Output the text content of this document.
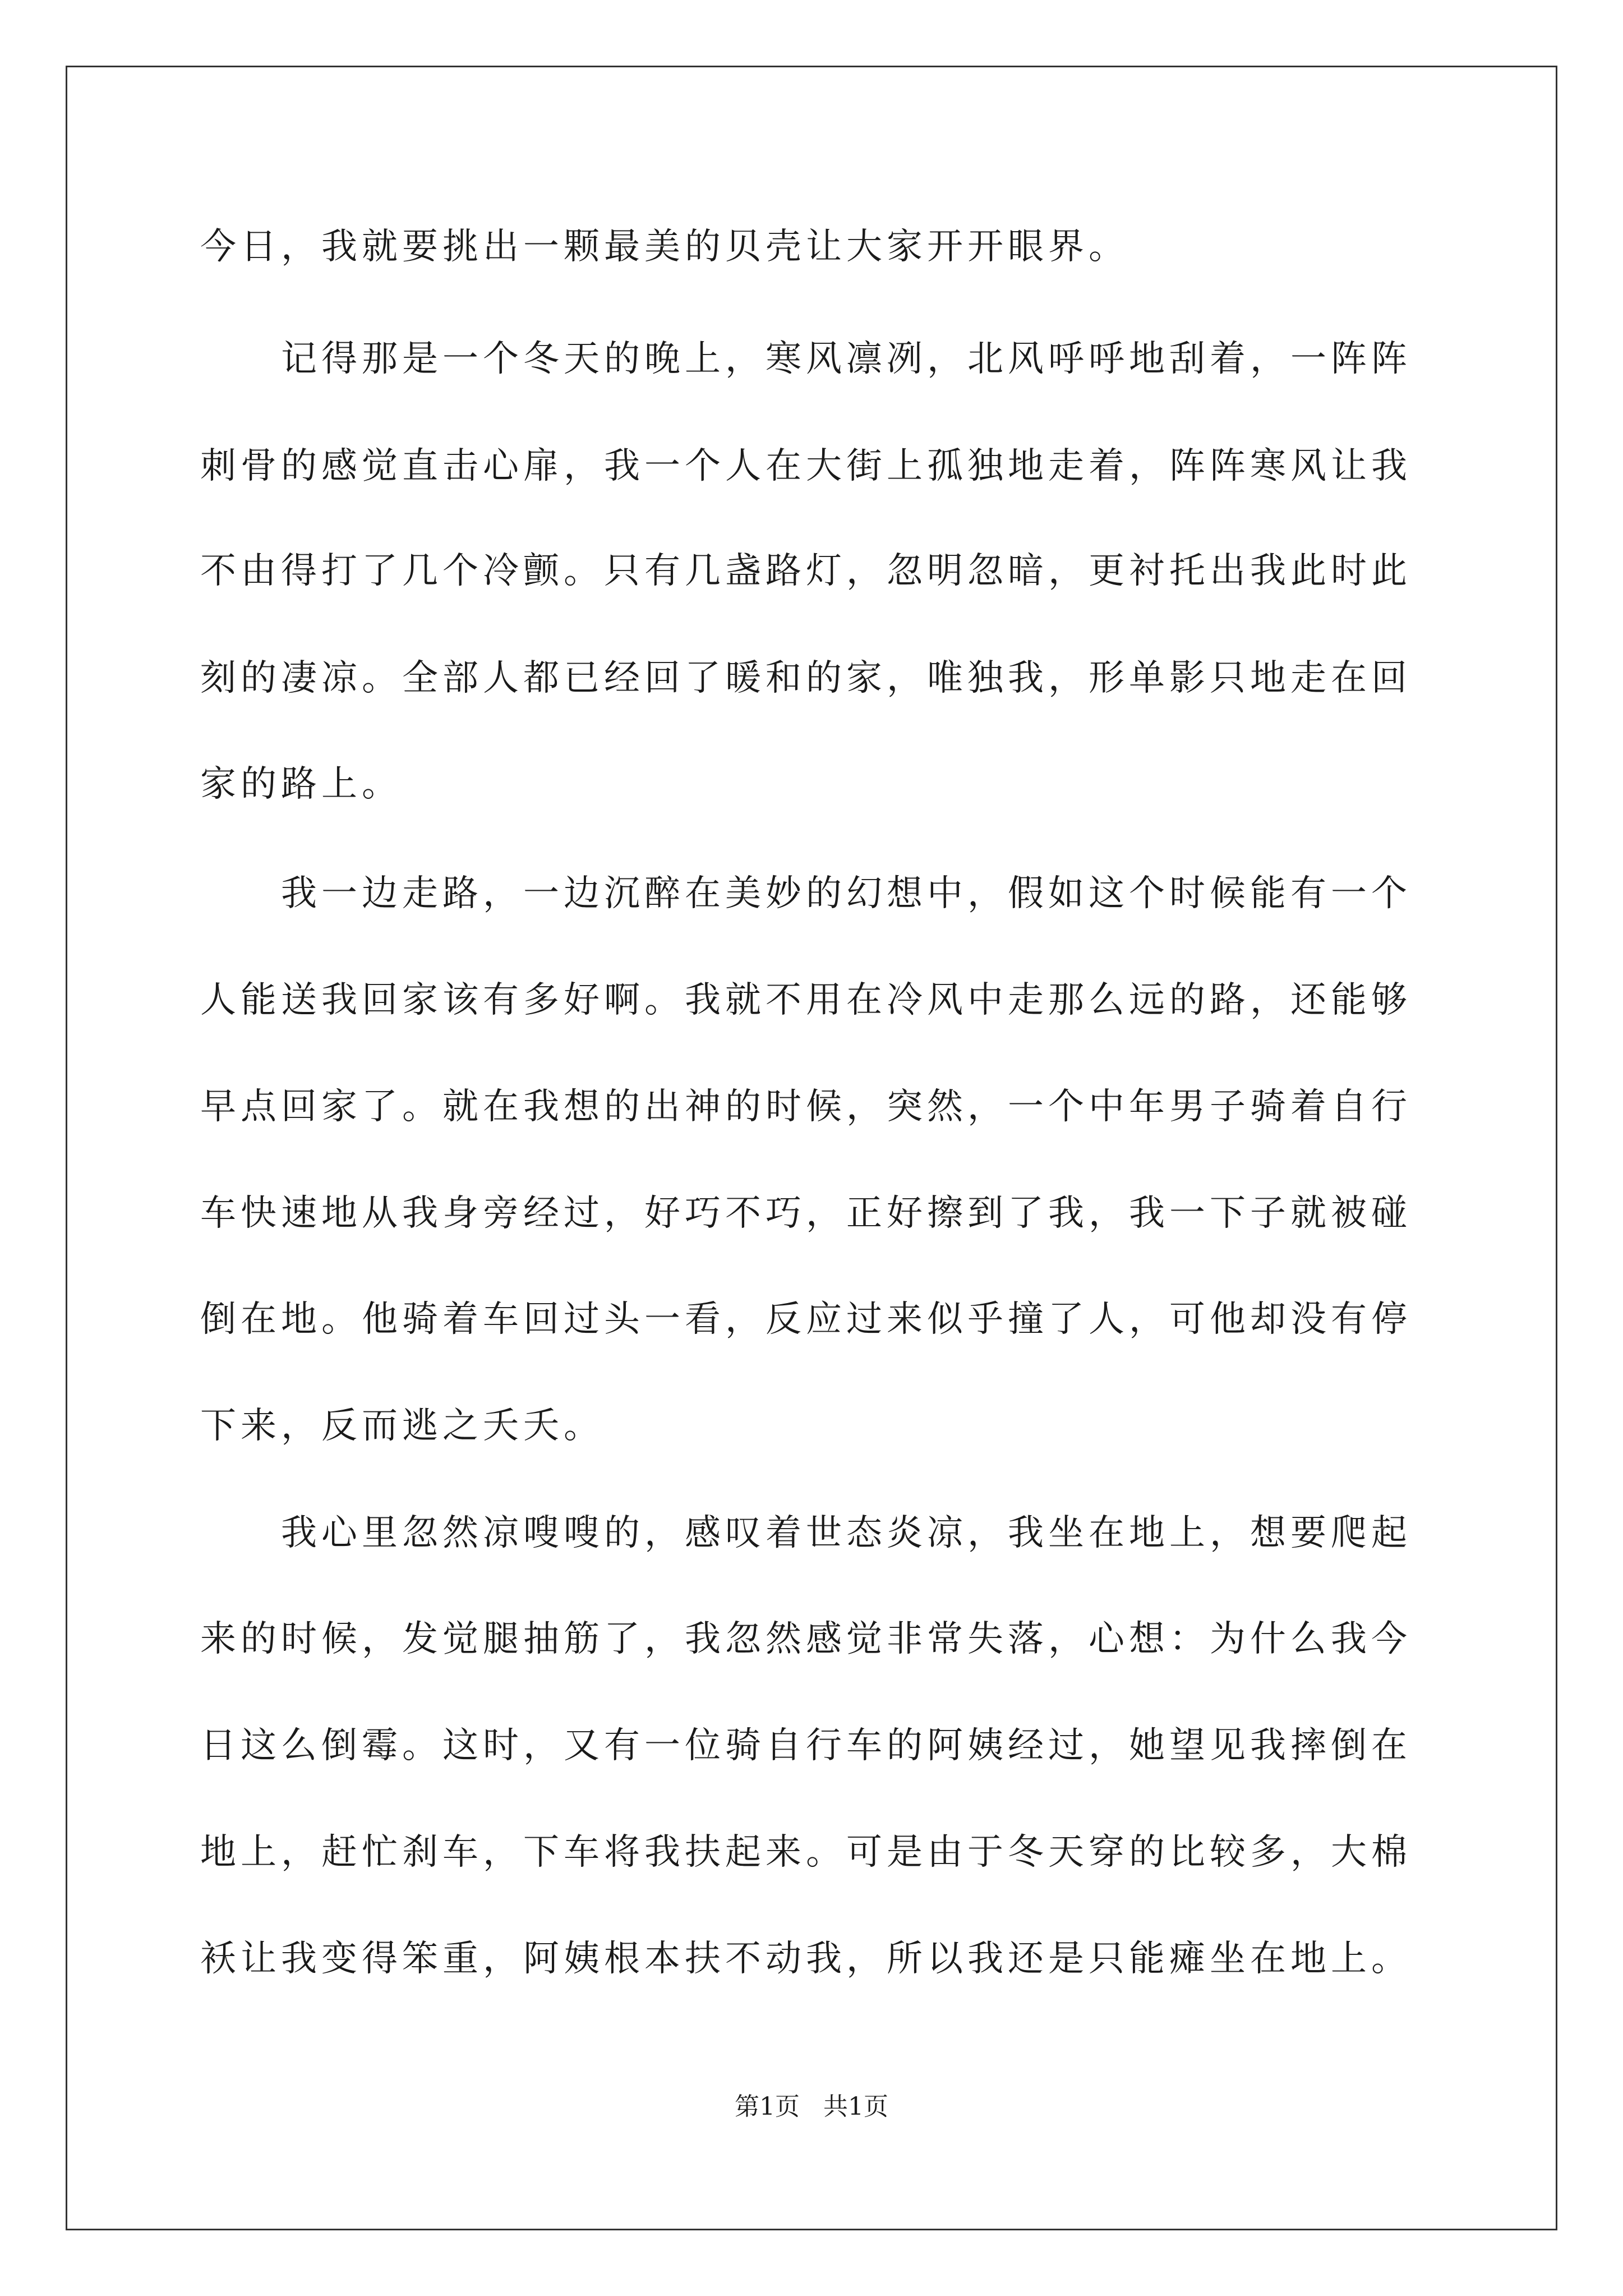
今日，我就要挑出一颗最美的贝壳让大家开开眼界。
　　记得那是一个冬天的晚上，寒风凛冽，北风呼呼地刮着，一阵阵
刺骨的感觉直击心扉，我一个人在大街上孤独地走着，阵阵寒风让我
不由得打了几个冷颤。只有几盏路灯，忽明忽暗，更衬托出我此时此
刻的凄凉。全部人都已经回了暖和的家，唯独我，形单影只地走在回
家的路上。
　　我一边走路，一边沉醉在美妙的幻想中，假如这个时候能有一个
人能送我回家该有多好啊。我就不用在冷风中走那么远的路，还能够
早点回家了。就在我想的出神的时候，突然，一个中年男子骑着自行
车快速地从我身旁经过，好巧不巧，正好擦到了我，我一下子就被碰
倒在地。他骑着车回过头一看，反应过来似乎撞了人，可他却没有停
下来，反而逃之夭夭。
　　我心里忽然凉嗖嗖的，感叹着世态炎凉，我坐在地上，想要爬起
来的时候，发觉腿抽筋了，我忽然感觉非常失落，心想：为什么我今
日这么倒霉。这时，又有一位骑自行车的阿姨经过，她望见我摔倒在
地上，赶忙刹车，下车将我扶起来。可是由于冬天穿的比较多，大棉
袄让我变得笨重，阿姨根本扶不动我，所以我还是只能瘫坐在地上。
第1页 共1页
